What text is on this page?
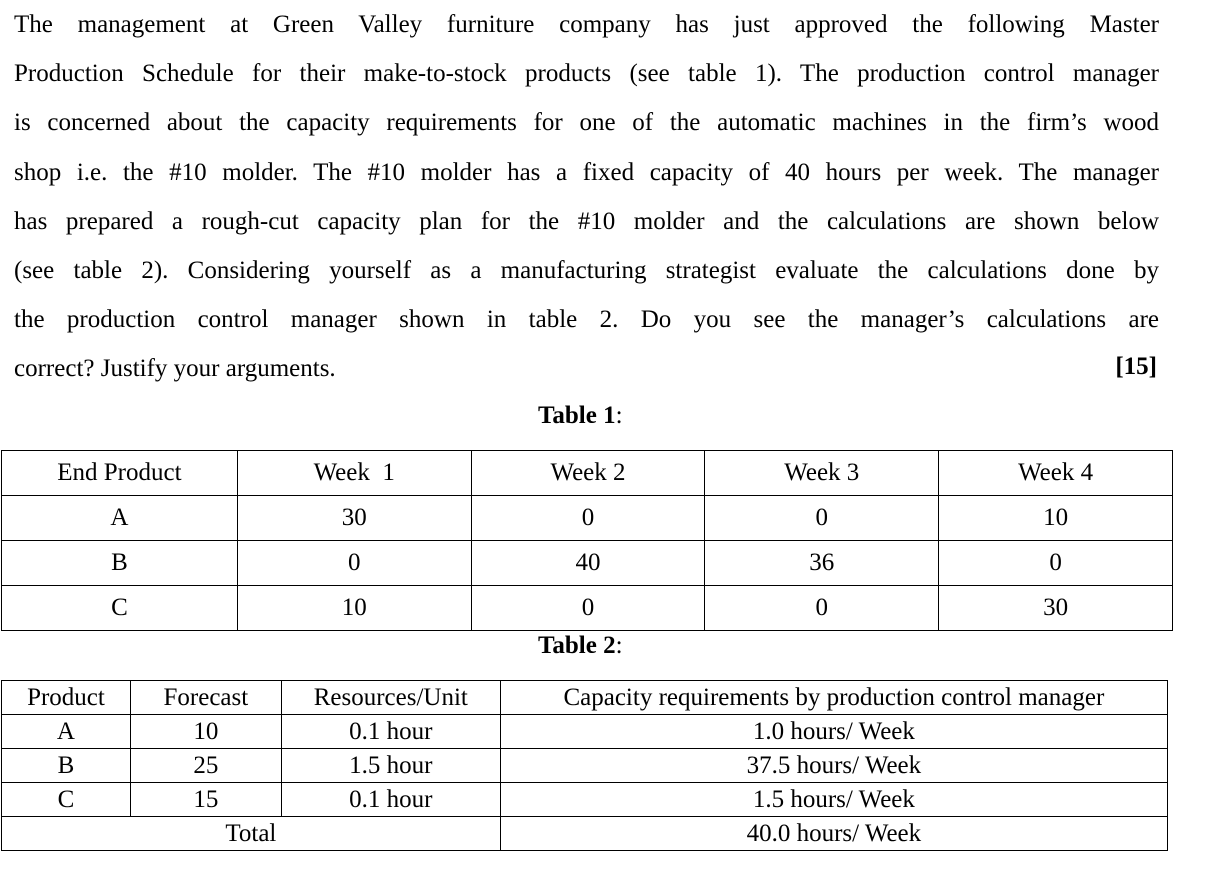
The management at Green Valley furniture company has just approved the following Master
Production Schedule for their make-to-stock products (see table 1). The production control manager
is concerned about the capacity requirements for one of the automatic machines in the firm’s wood
shop i.e. the #10 molder. The #10 molder has a fixed capacity of 40 hours per week. The manager
has prepared a rough-cut capacity plan for the #10 molder and the calculations are shown below
(see table 2). Considering yourself as a manufacturing strategist evaluate the calculations done by
the production control manager shown in table 2. Do you see the manager’s calculations are
correct? Justify your arguments.	[15]
Table 1:
End Product	Week  1	Week 2	Week 3	Week 4
A	30	0	0	10
B	0	40	36	0
C	10	0	0	30
Table 2:
Product	Forecast	Resources/Unit	Capacity requirements by production control manager
A	10	0.1 hour	1.0 hours/ Week
B	25	1.5 hour	37.5 hours/ Week
C	15	0.1 hour	1.5 hours/ Week
Total			40.0 hours/ Week
